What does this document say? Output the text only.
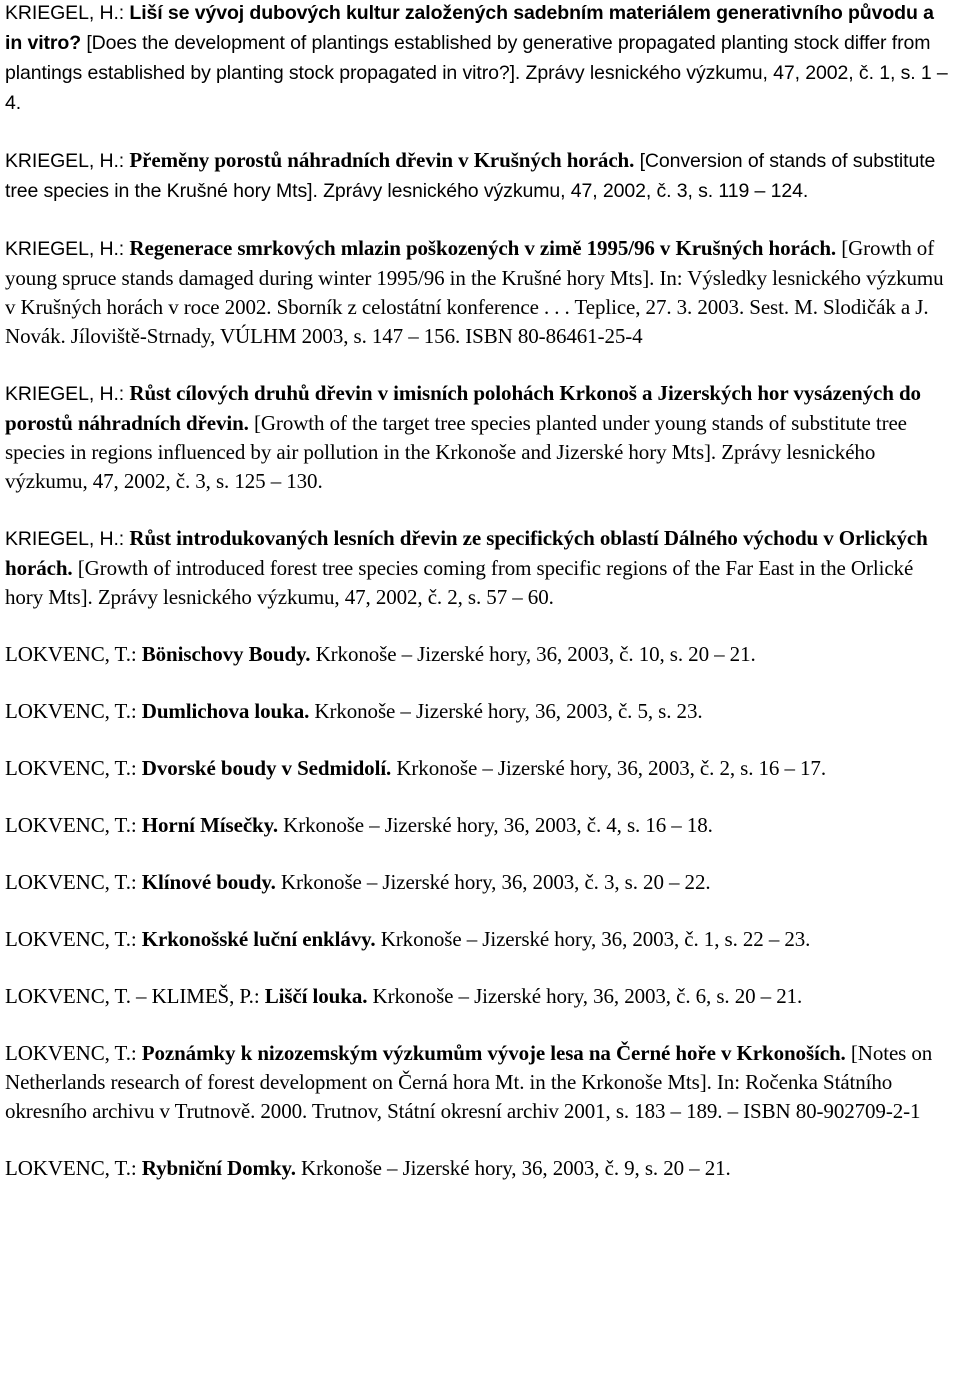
KRIEGEL, H.: Liší se vývoj dubových kultur založených sadebním materiálem generativního původu a in vitro? [Does the development of plantings established by generative propagated planting stock differ from plantings established by planting stock propagated in vitro?]. Zprávy lesnického výzkumu, 47, 2002, č. 1, s. 1 – 4.

KRIEGEL, H.: Přeměny porostů náhradních dřevin v Krušných horách. [Conversion of stands of substitute tree species in the Krušné hory Mts]. Zprávy lesnického výzkumu, 47, 2002, č. 3, s. 119 – 124.

KRIEGEL, H.: Regenerace smrkových mlazin poškozených v zimě 1995/96 v Krušných horách. [Growth of young spruce stands damaged during winter 1995/96 in the Krušné hory Mts]. In: Výsledky lesnického výzkumu v Krušných horách v roce 2002. Sborník z celostátní konference . . . Teplice, 27. 3. 2003. Sest. M. Slodičák a J. Novák. Jíloviště-Strnady, VÚLHM 2003, s. 147 – 156. ISBN 80-86461-25-4

KRIEGEL, H.: Růst cílových druhů dřevin v imisních polohách Krkonoš a Jizerských hor vysázených do porostů náhradních dřevin. [Growth of the target tree species planted under young stands of substitute tree species in regions influenced by air pollution in the Krkonoše and Jizerské hory Mts]. Zprávy lesnického výzkumu, 47, 2002, č. 3, s. 125 – 130.

KRIEGEL, H.: Růst introdukovaných lesních dřevin ze specifických oblastí Dálného východu v Orlických horách. [Growth of introduced forest tree species coming from specific regions of the Far East in the Orlické hory Mts]. Zprávy lesnického výzkumu, 47, 2002, č. 2, s. 57 – 60.

LOKVENC, T.: Bönischovy Boudy. Krkonoše – Jizerské hory, 36, 2003, č. 10, s. 20 – 21.

LOKVENC, T.: Dumlichova louka. Krkonoše – Jizerské hory, 36, 2003, č. 5, s. 23.

LOKVENC, T.: Dvorské boudy v Sedmidolí. Krkonoše – Jizerské hory, 36, 2003, č. 2, s. 16 – 17.

LOKVENC, T.: Horní Mísečky. Krkonoše – Jizerské hory, 36, 2003, č. 4, s. 16 – 18.

LOKVENC, T.: Klínové boudy. Krkonoše – Jizerské hory, 36, 2003, č. 3, s. 20 – 22.

LOKVENC, T.: Krkonošské luční enklávy. Krkonoše – Jizerské hory, 36, 2003, č. 1, s. 22 – 23.

LOKVENC, T. – KLIMEŠ, P.: Liščí louka. Krkonoše – Jizerské hory, 36, 2003, č. 6, s. 20 – 21.

LOKVENC, T.: Poznámky k nizozemským výzkumům vývoje lesa na Černé hoře v Krkonoších. [Notes on Netherlands research of forest development on Černá hora Mt. in the Krkonoše Mts]. In: Ročenka Státního okresního archivu v Trutnově. 2000. Trutnov, Státní okresní archiv 2001, s. 183 – 189. – ISBN 80-902709-2-1

LOKVENC, T.: Rybniční Domky. Krkonoše – Jizerské hory, 36, 2003, č. 9, s. 20 – 21.
